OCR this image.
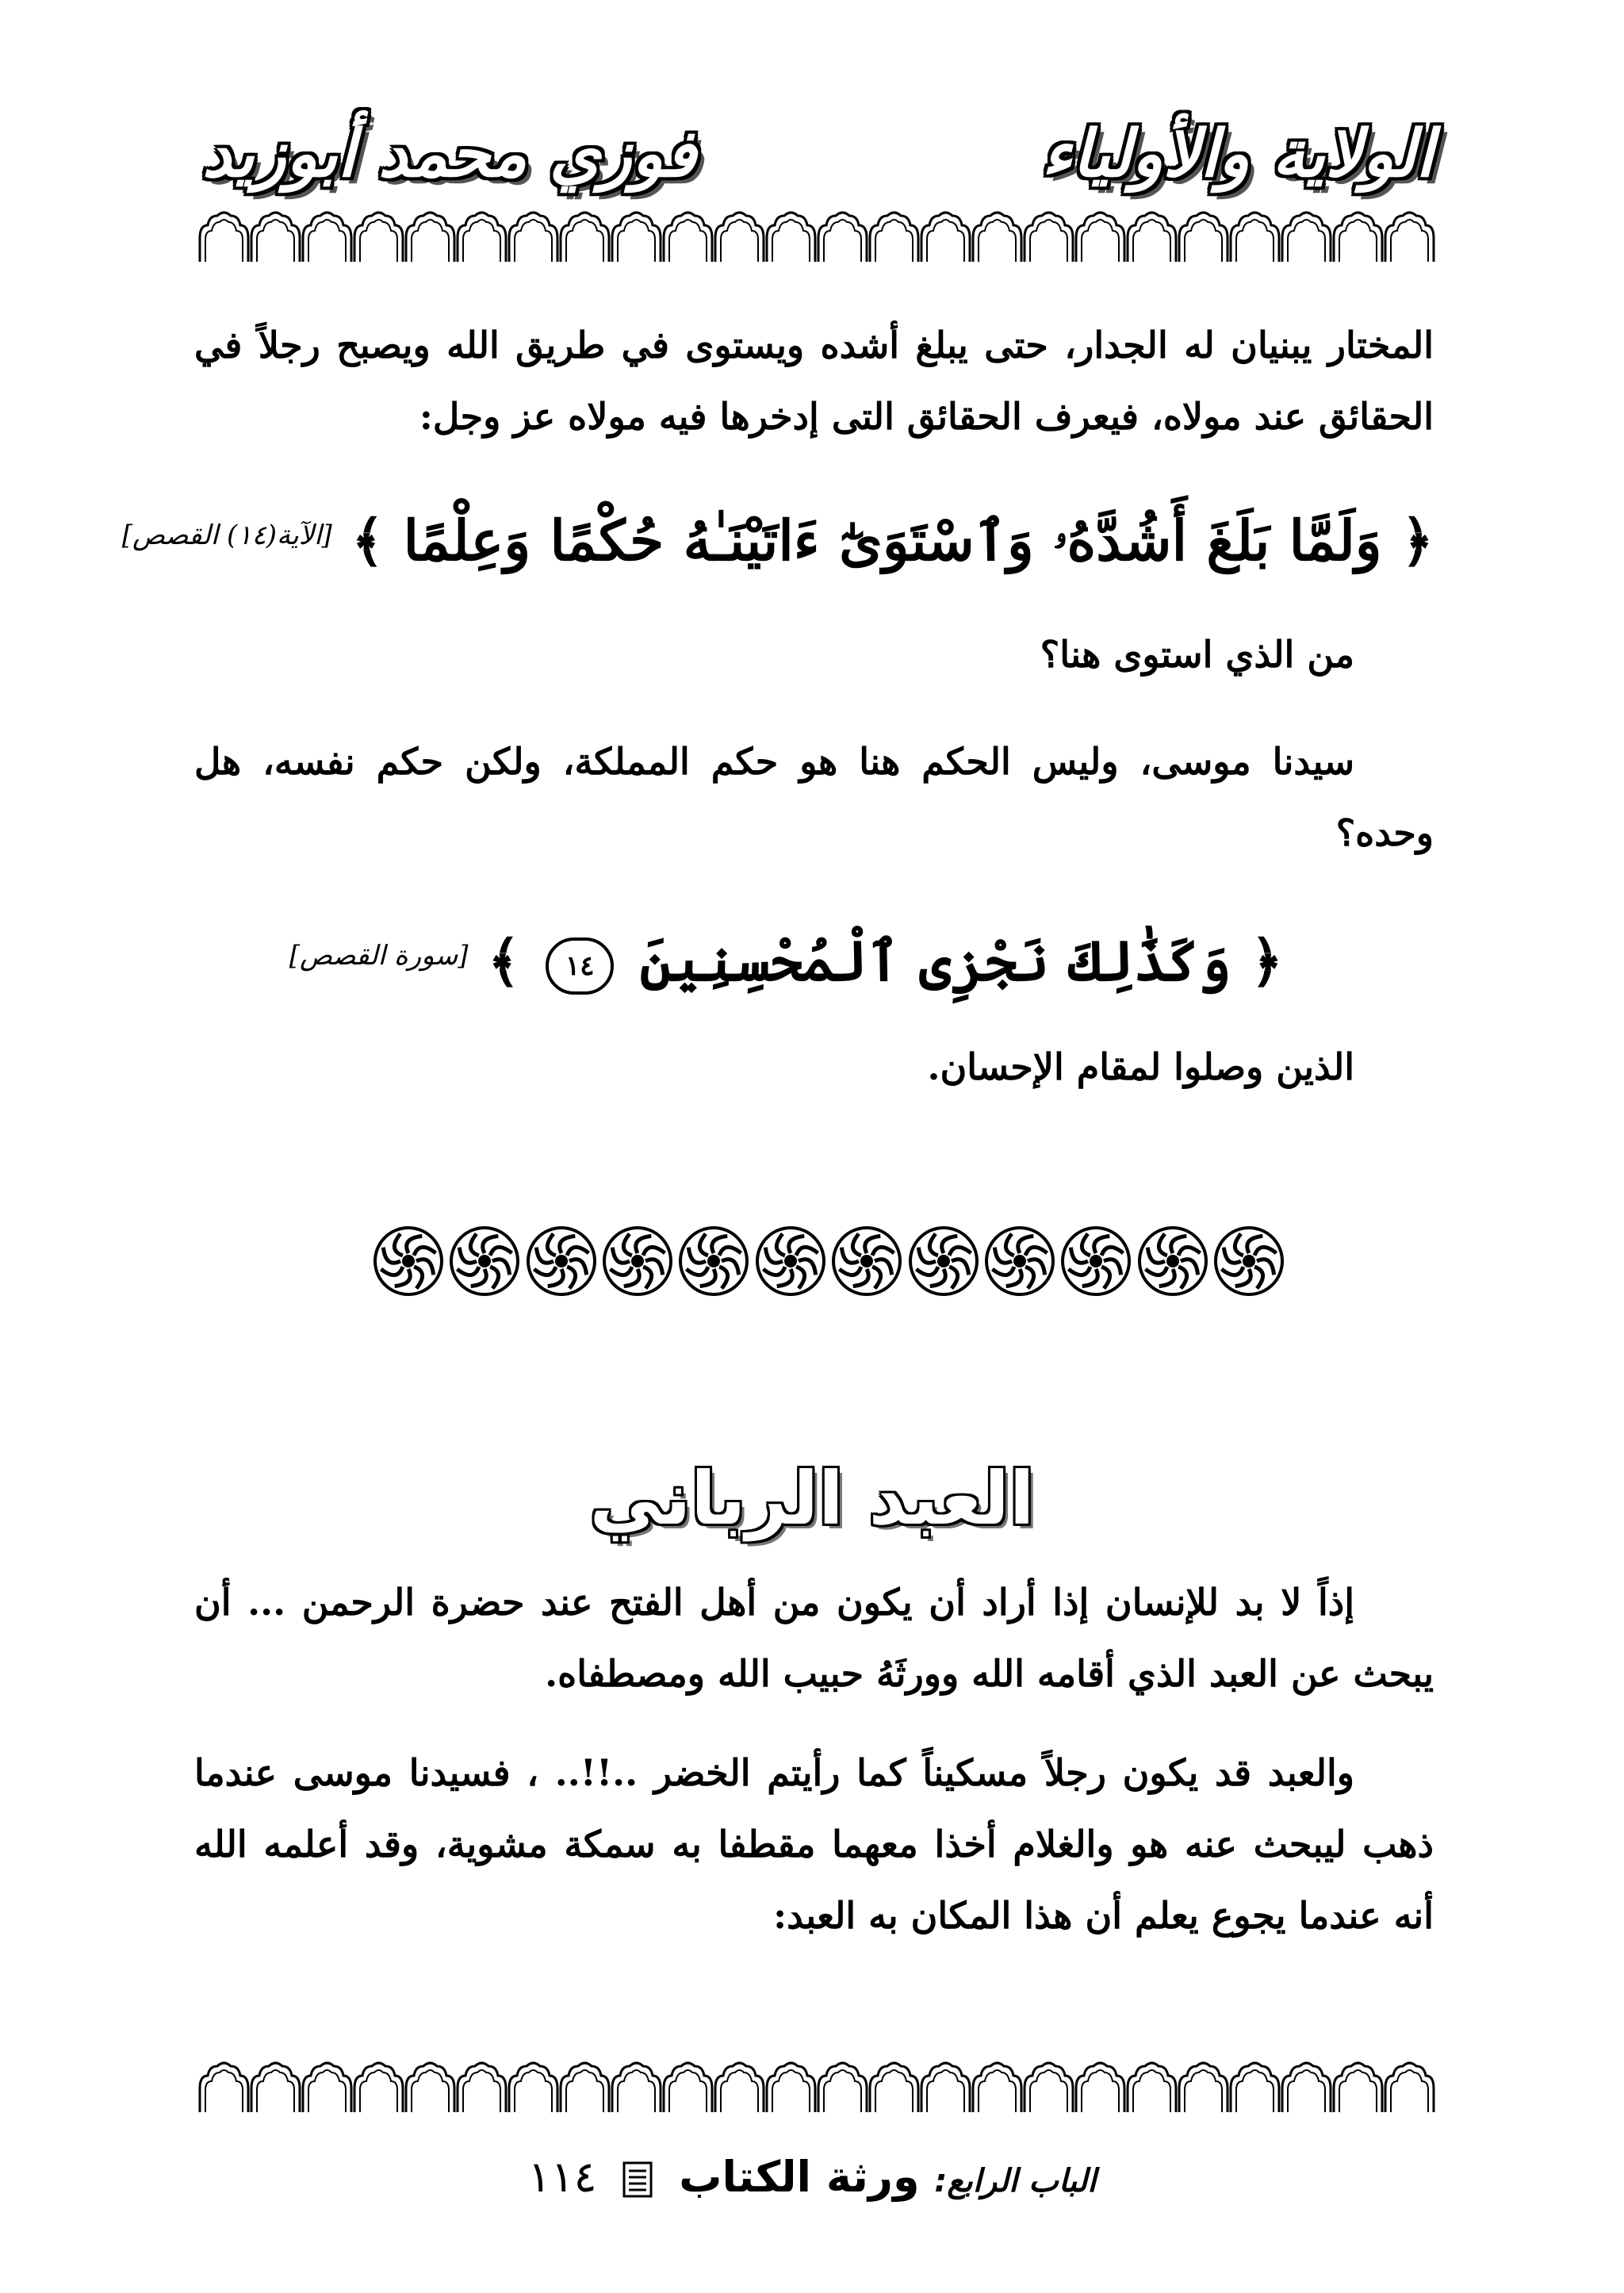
الولاية والأولياء
فوزي محمد أبوزيد
المختار يبنيان له الجدار، حتى يبلغ أشده ويستوى في طريق الله ويصبح رجلاً في الحقائق عند مولاه، فيعرف الحقائق التى إدخرها فيه مولاه عز وجل:
﴿ وَلَمَّا بَلَغَ أَشُدَّهُۥ وَٱسْتَوَىٰٓ ءَاتَيْنَـٰهُ حُكْمًا وَعِلْمًا ﴾ [الآية(١٤) القصص]
من الذي استوى هنا؟
سيدنا موسى، وليس الحكم هنا هو حكم المملكة، ولكن حكم نفسه، هل وحده؟
﴿ وَكَذَٰلِكَ نَجْزِى ٱلْمُحْسِنِينَ ١٤ ﴾ [سورة القصص]
الذين وصلوا لمقام الإحسان.
العبد الرباني
إذاً لا بد للإنسان إذا أراد أن يكون من أهل الفتح عند حضرة الرحمن ... أن يبحث عن العبد الذي أقامه الله وورثَهُ حبيب الله ومصطفاه.
والعبد قد يكون رجلاً مسكيناً كما رأيتم الخضر ..!!.. ، فسيدنا موسى عندما ذهب ليبحث عنه هو والغلام أخذا معهما مقطفا به سمكة مشوية، وقد أعلمه الله أنه عندما يجوع يعلم أن هذا المكان به العبد:
الباب الرابع: ورثة الكتاب  ١١٤
